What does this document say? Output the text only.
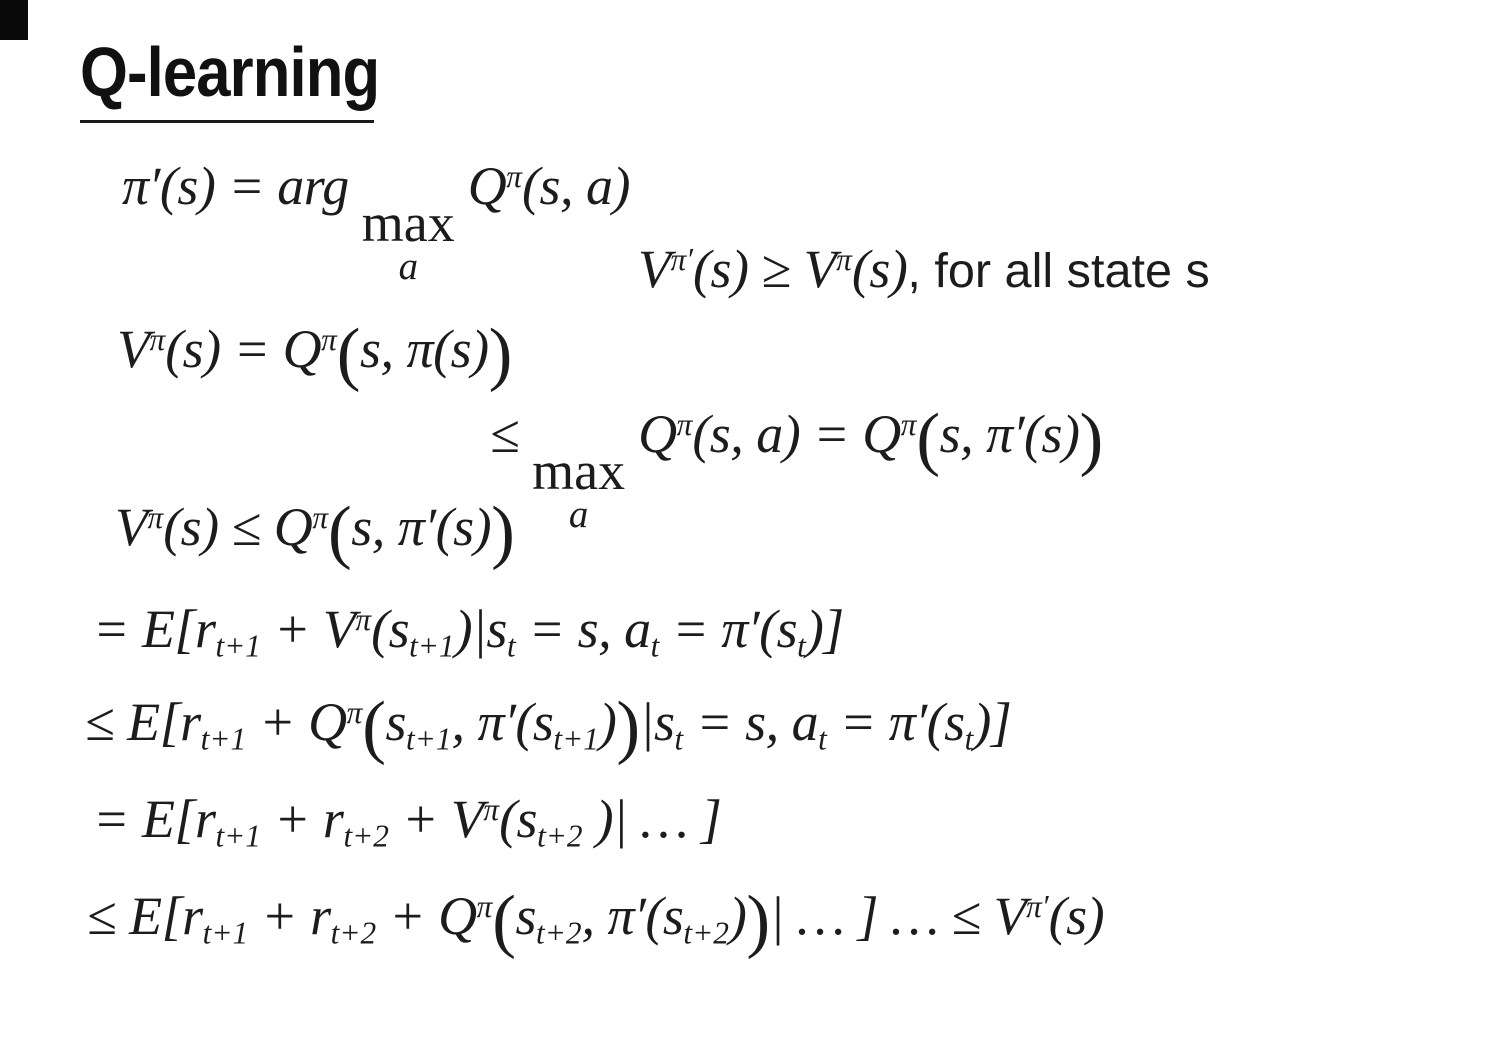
Q-learning
π′(s) = arg
max
a
$Q^\pi(s$, a)
$V^{\pi'}(s) \ge V^\pi(s)$, for all state s
$V^\pi(s) = Q^\pi(s$, π(s))
≤
max
a
$Q^\pi(s$, $a) = Q^\pi(s$, π′(s))
$V^\pi(s) \le Q^\pi(s$, π′(s))
= $E[r_{t+1} + V^\pi(s_{t+1})|s_t = s$, $a_t = \pi'(s_t)$]
≤ $E[r_{t+1} + Q^\pi(s_{t+1}$, $\pi'(s_{t+1}))|s_t = s$, $a_t = \pi'(s_t)$]
= $E[r_{t+1} + r_{t+2} + V^\pi(s_{t+2}$ )| … ]
≤ $E[r_{t+1} + r_{t+2} + Q^\pi(s_{t+2}$, $\pi'(s_{t+2}))|$ … ] … ≤ $V^{\pi'}(s)$
